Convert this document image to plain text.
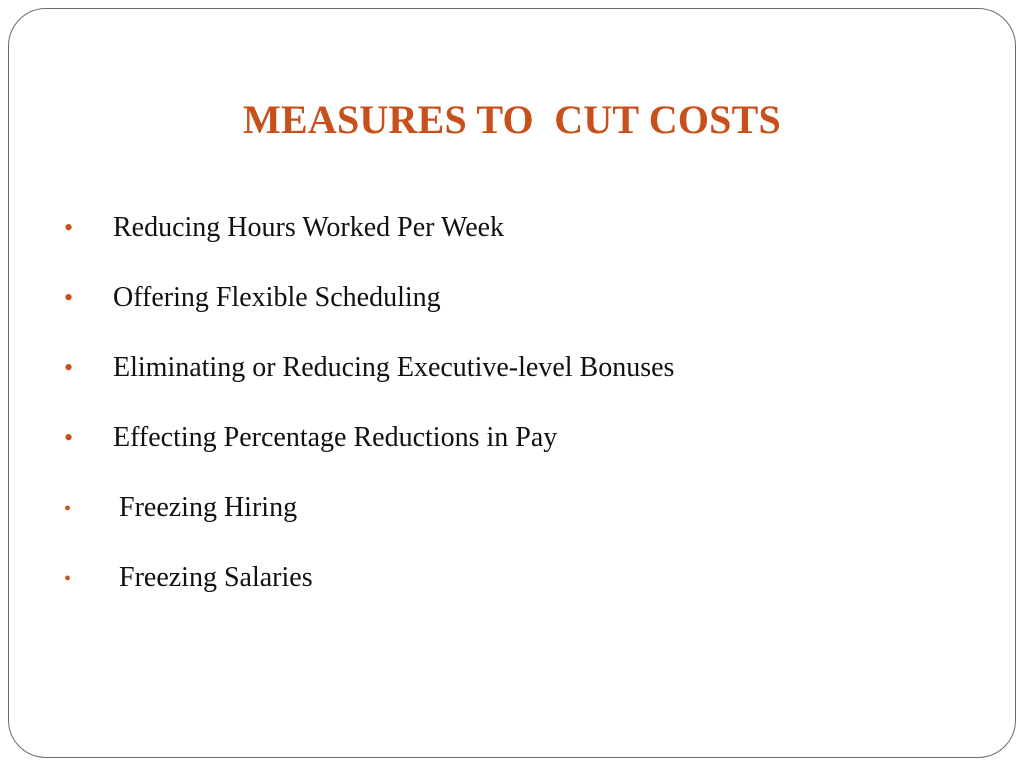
MEASURES TO  CUT COSTS
• Reducing Hours Worked Per Week
• Offering Flexible Scheduling
• Eliminating or Reducing Executive-level Bonuses
• Effecting Percentage Reductions in Pay
• Freezing Hiring
• Freezing Salaries
